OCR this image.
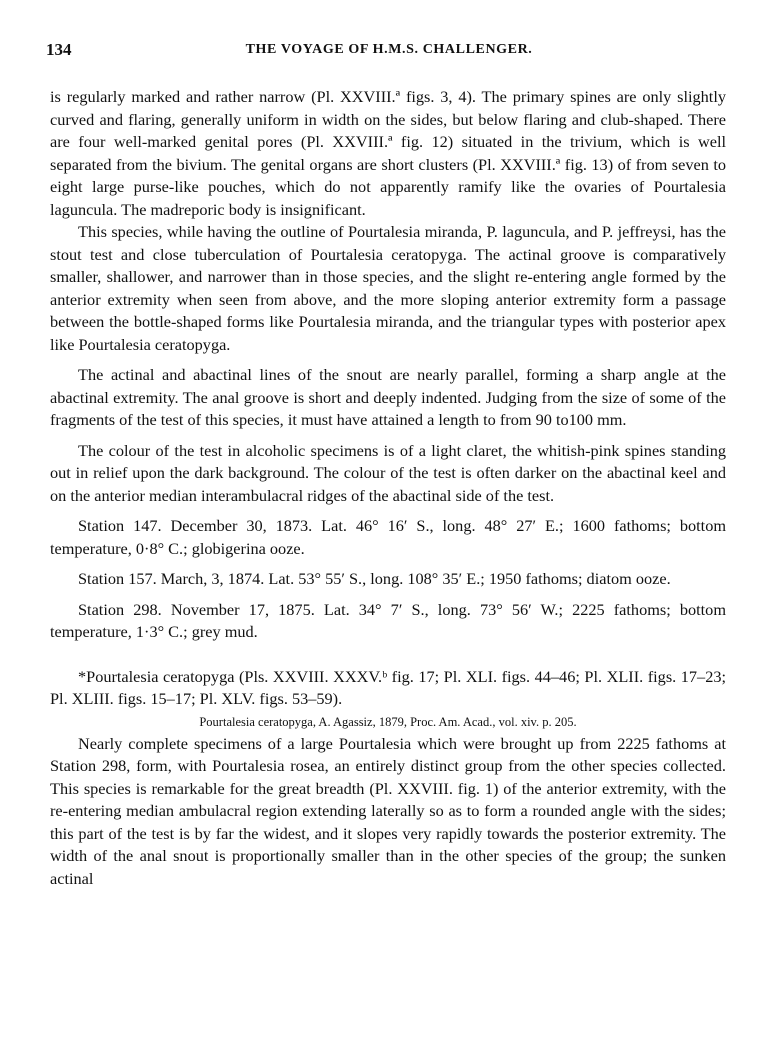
134	THE VOYAGE OF H.M.S. CHALLENGER.

is regularly marked and rather narrow (Pl. XXVIII.ª figs. 3, 4). The primary spines are only slightly curved and flaring, generally uniform in width on the sides, but below flaring and club-shaped. There are four well-marked genital pores (Pl. XXVIII.ª fig. 12) situated in the trivium, which is well separated from the bivium. The genital organs are short clusters (Pl. XXVIII.ª fig. 13) of from seven to eight large purse-like pouches, which do not apparently ramify like the ovaries of Pourtalesia laguncula. The madreporic body is insignificant.

This species, while having the outline of Pourtalesia miranda, P. laguncula, and P. jeffreysi, has the stout test and close tuberculation of Pourtalesia ceratopyga. The actinal groove is comparatively smaller, shallower, and narrower than in those species, and the slight re-entering angle formed by the anterior extremity when seen from above, and the more sloping anterior extremity form a passage between the bottle-shaped forms like Pourtalesia miranda, and the triangular types with posterior apex like Pourtalesia ceratopyga.

The actinal and abactinal lines of the snout are nearly parallel, forming a sharp angle at the abactinal extremity. The anal groove is short and deeply indented. Judging from the size of some of the fragments of the test of this species, it must have attained a length to from 90 to100 mm.

The colour of the test in alcoholic specimens is of a light claret, the whitish-pink spines standing out in relief upon the dark background. The colour of the test is often darker on the abactinal keel and on the anterior median interambulacral ridges of the abactinal side of the test.

Station 147. December 30, 1873. Lat. 46° 16′ S., long. 48° 27′ E.; 1600 fathoms; bottom temperature, 0·8° C.; globigerina ooze.

Station 157. March, 3, 1874. Lat. 53° 55′ S., long. 108° 35′ E.; 1950 fathoms; diatom ooze.

Station 298. November 17, 1875. Lat. 34° 7′ S., long. 73° 56′ W.; 2225 fathoms; bottom temperature, 1·3° C.; grey mud.

*Pourtalesia ceratopyga (Pls. XXVIII. XXXV.ᵇ fig. 17; Pl. XLI. figs. 44–46; Pl. XLII. figs. 17–23; Pl. XLIII. figs. 15–17; Pl. XLV. figs. 53–59).

Pourtalesia ceratopyga, A. Agassiz, 1879, Proc. Am. Acad., vol. xiv. p. 205.

Nearly complete specimens of a large Pourtalesia which were brought up from 2225 fathoms at Station 298, form, with Pourtalesia rosea, an entirely distinct group from the other species collected. This species is remarkable for the great breadth (Pl. XXVIII. fig. 1) of the anterior extremity, with the re-entering median ambulacral region extending laterally so as to form a rounded angle with the sides; this part of the test is by far the widest, and it slopes very rapidly towards the posterior extremity. The width of the anal snout is proportionally smaller than in the other species of the group; the sunken actinal
